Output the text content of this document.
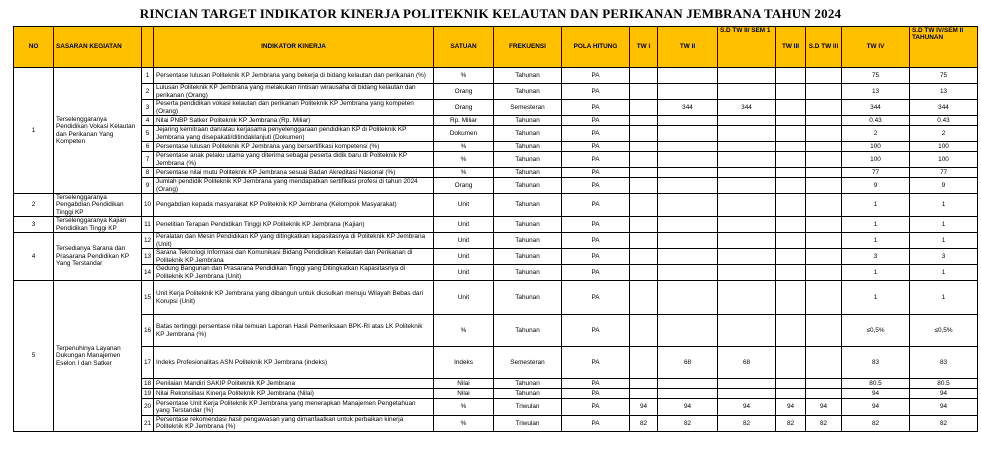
RINCIAN TARGET INDIKATOR KINERJA POLITEKNIK KELAUTAN DAN PERIKANAN JEMBRANA TAHUN 2024
NO	SASARAN KEGIATAN		INDIKATOR KINERJA	SATUAN	FREKUENSI	POLA HITUNG	TW I	TW II	S.D TW II/ SEM 1	TW III	S.D TW III	TW IV	S.D TW IV/SEM II TAHUNAN
1	Terselenggaranya Pendidikan Vokasi Kelautan dan Perikanan Yang Kompeten	1	Persentase lulusan Politeknik KP Jembrana yang bekerja di bidang kelautan dan perikanan (%)	%	Tahunan	PA						75	75
		2	Lulusan Politeknik KP Jembrana yang melakukan rintisan wirausaha di bidang kelautan dan perikanan (Orang)	Orang	Tahunan	PA						13	13
		3	Peserta pendidikan vokasi kelautan dan perikanan Politeknik KP Jembrana yang kompeten (Orang)	Orang	Semesteran	PA		344	344			344	344
		4	Nilai PNBP Satker Politeknik KP Jembrana (Rp. Miliar)	Rp. Miliar	Tahunan	PA						0.43	0.43
		5	Jejaring kemitraan dan/atau kerjasama penyelenggaraan pendidikan KP di Politeknik KP Jembrana yang disepakati/ditindaklanjuti (Dokumen)	Dokumen	Tahunan	PA						2	2
		6	Persentase lulusan Politeknik KP Jembrana yang bersertifikasi kompetensi (%)	%	Tahunan	PA						100	100
		7	Persentase anak pelaku utama yang diterima sebagai peserta didik baru di Politeknik KP Jembrana (%)	%	Tahunan	PA						100	100
		8	Persentase nilai mutu Politeknik KP Jembrana sesuai Badan Akreditasi Nasional (%)	%	Tahunan	PA						77	77
		9	Jumlah pendidik Politeknik KP Jembrana yang mendapatkan sertifikasi profesi di tahun 2024 (Orang)	Orang	Tahunan	PA						9	9
2	Terselenggaranya Pengabdian Pendidikan Tinggi KP	10	Pengabdian kepada masyarakat KP Politeknik KP Jembrana (Kelompok Masyarakat)	Unit	Tahunan	PA						1	1
3	Terselenggaranya Kajian Pendidikan Tinggi KP	11	Penelitian Terapan Pendidikan Tinggi KP Politeknik KP Jembrana (Kajian)	Unit	Tahunan	PA						1	1
4	Tersedianya Sarana dan Prasarana Pendidikan KP Yang Terstandar	12	Peralatan dan Mesin Pendidikan KP yang ditingkatkan kapasitasnya di Politeknik KP Jembrana (Unit)	Unit	Tahunan	PA						1	1
		13	Sarana Teknologi Informasi dan Komunikasi Bidang Pendidikan Kelautan dan Perikanan di Politeknik KP Jembrana	Unit	Tahunan	PA						3	3
		14	Gedung Bangunan dan Prasarana Pendidikan Tinggi yang Ditingkatkan Kapasitasnya di Politeknik KP Jembrana (Unit)	Unit	Tahunan	PA						1	1
5	Terpenuhinya Layanan Dukungan Manajemen Eselon I dan Satker	15	Unit Kerja Politeknik KP Jembrana yang dibangun untuk diusulkan menuju Wilayah Bebas dari Korupsi (Unit)	Unit	Tahunan	PA						1	1
		16	Batas tertinggi persentase nilai temuan Laporan Hasil Pemeriksaan BPK-RI atas LK Politeknik KP Jembrana (%)	%	Tahunan	PA						≤0,5%	≤0,5%
		17	Indeks Profesionalitas ASN Politeknik KP Jembrana (indeks)	Indeks	Semesteran	PA		68	68			83	83
		18	Penilaian Mandiri SAKIP Politeknik KP Jembrana	Nilai	Tahunan	PA						80.5	80.5
		19	Nilai Rekonsiliasi Kinerja Politeknik KP Jembrana (Nilai)	Nilai	Tahunan	PA						94	94
		20	Persentase Unit Kerja Politeknik KP Jembrana yang menerapkan Manajemen Pengetahuan yang Terstandar (%)	%	Triwulan	PA	94	94	94	94	94	94	94
		21	Persentase rekomendasi hasil pengawasan yang dimanfaatkan untuk perbaikan kinerja Politeknik KP Jembrana (%)	%	Triwulan	PA	82	82	82	82	82	82	82
